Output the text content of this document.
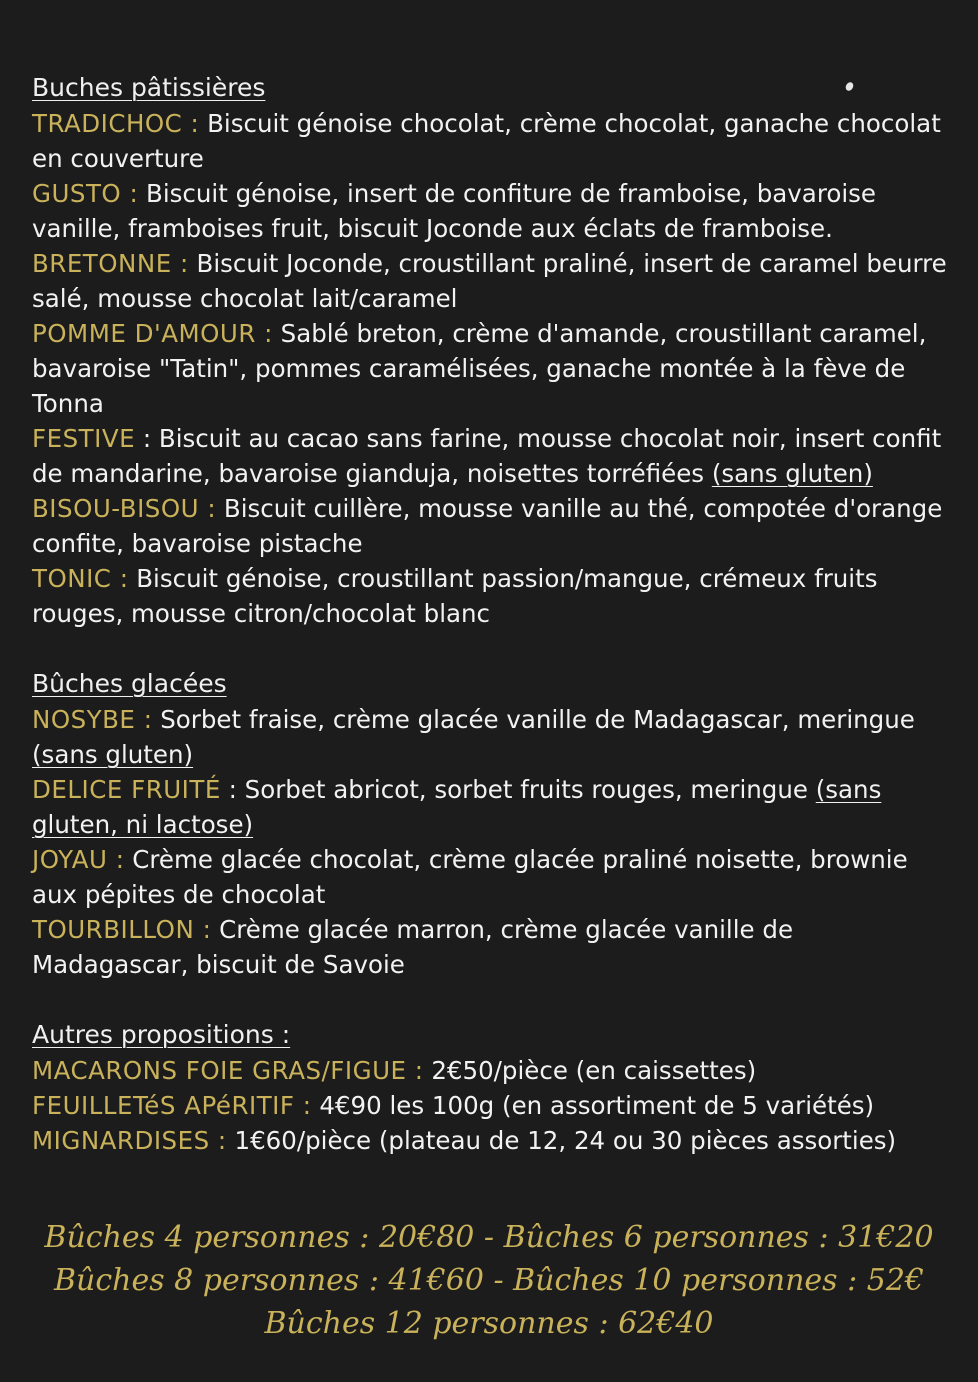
Buches pâtissières

TRADICHOC : Biscuit génoise chocolat, crème chocolat, ganache chocolat en couverture

GUSTO : Biscuit génoise, insert de confiture de framboise, bavaroise vanille, framboises fruit, biscuit Joconde aux éclats de framboise.

BRETONNE : Biscuit Joconde, croustillant praliné, insert de caramel beurre salé, mousse chocolat lait/caramel

POMME D'AMOUR : Sablé breton, crème d'amande, croustillant caramel, bavaroise "Tatin", pommes caramélisées, ganache montée à la fève de Tonna

FESTIVE : Biscuit au cacao sans farine, mousse chocolat noir, insert confit de mandarine, bavaroise gianduja, noisettes torréfiées (sans gluten)

BISOU-BISOU : Biscuit cuillère, mousse vanille au thé, compotée d'orange confite, bavaroise pistache

TONIC : Biscuit génoise, croustillant passion/mangue, crémeux fruits rouges, mousse citron/chocolat blanc

Bûches glacées

NOSYBE : Sorbet fraise, crème glacée vanille de Madagascar, meringue (sans gluten)

DELICE FRUITÉ : Sorbet abricot, sorbet fruits rouges, meringue (sans gluten, ni lactose)

JOYAU : Crème glacée chocolat, crème glacée praliné noisette, brownie aux pépites de chocolat

TOURBILLON : Crème glacée marron, crème glacée vanille de Madagascar, biscuit de Savoie

Autres propositions :

MACARONS FOIE GRAS/FIGUE : 2€50/pièce (en caissettes)

FEUILLETéS APéRITIF : 4€90 les 100g (en assortiment de 5 variétés)

MIGNARDISES : 1€60/pièce (plateau de 12, 24 ou 30 pièces assorties)

Bûches 4 personnes : 20€80 - Bûches 6 personnes : 31€20

Bûches 8 personnes : 41€60 - Bûches 10 personnes : 52€

Bûches 12 personnes : 62€40
